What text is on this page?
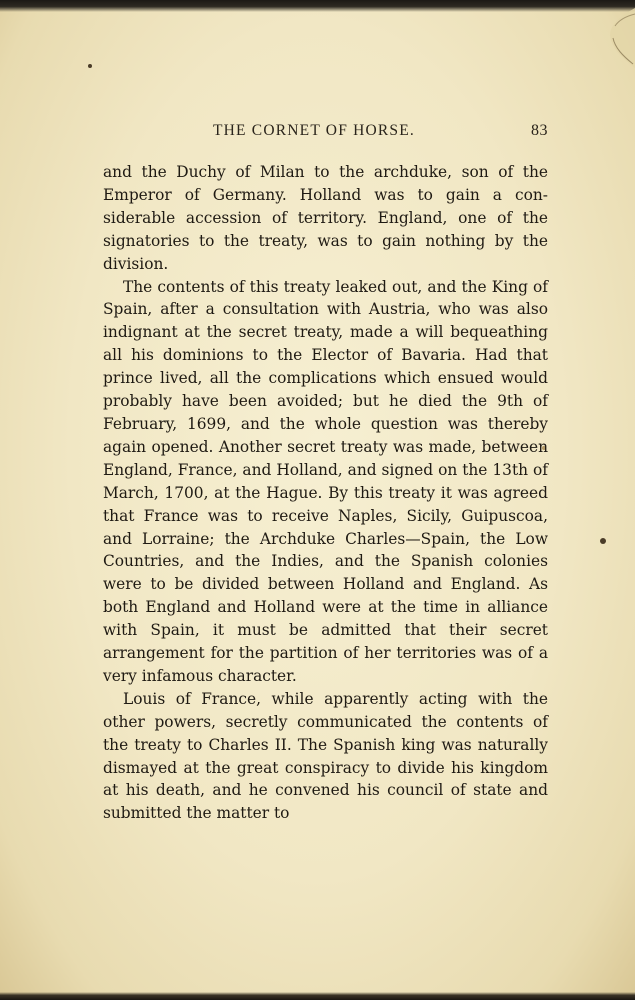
THE CORNET OF HORSE.	83

and the Duchy of Milan to the archduke, son of the Emperor of Germany. Holland was to gain a considerable accession of territory. England, one of the signatories to the treaty, was to gain nothing by the division.

The contents of this treaty leaked out, and the King of Spain, after a consultation with Austria, who was also indignant at the secret treaty, made a will bequeathing all his dominions to the Elector of Bavaria. Had that prince lived, all the complications which ensued would probably have been avoided; but he died the 9th of February, 1699, and the whole question was thereby again opened. Another secret treaty was made, between England, France, and Holland, and signed on the 13th of March, 1700, at the Hague. By this treaty it was agreed that France was to receive Naples, Sicily, Guipuscoa, and Lorraine; the Archduke Charles—Spain, the Low Countries, and the Indies, and the Spanish colonies were to be divided between Holland and England. As both England and Holland were at the time in alliance with Spain, it must be admitted that their secret arrangement for the partition of her territories was of a very infamous character.

Louis of France, while apparently acting with the other powers, secretly communicated the contents of the treaty to Charles II. The Spanish king was naturally dismayed at the great conspiracy to divide his kingdom at his death, and he convened his council of state and submitted the matter to
